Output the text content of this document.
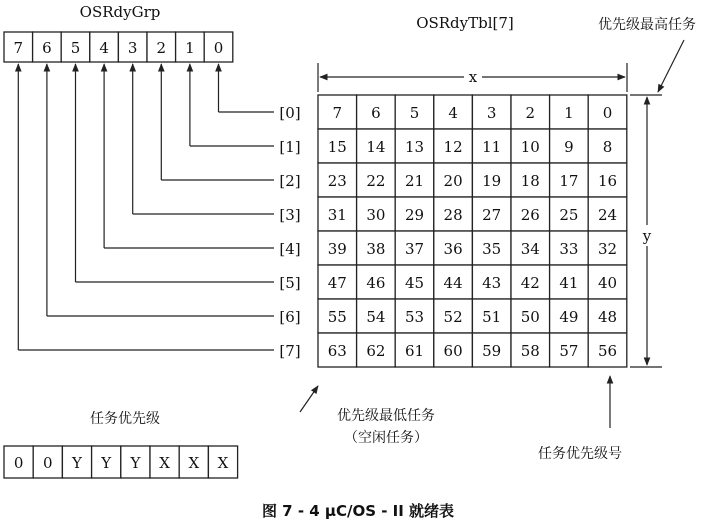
OSRdyGrp
7 6 5 4 3 2 1 0
OSRdyTbl[7]
[0]
[1]
[2]
[3]
[4]
[5]
[6]
[7]
7 6 5 4 3 2 1 0
15 14 13 12 11 10 9 8
23 22 21 20 19 18 17 16
31 30 29 28 27 26 25 24
39 38 37 36 35 34 33 32
47 46 45 44 43 42 41 40
55 54 53 52 51 50 49 48
63 62 61 60 59 58 57 56
x
y
优先级最高任务
优先级最低任务
（空闲任务）
任务优先级号
任务优先级
0 0 Y Y Y X X X
图 7 - 4 μC/OS - II 就绪表
